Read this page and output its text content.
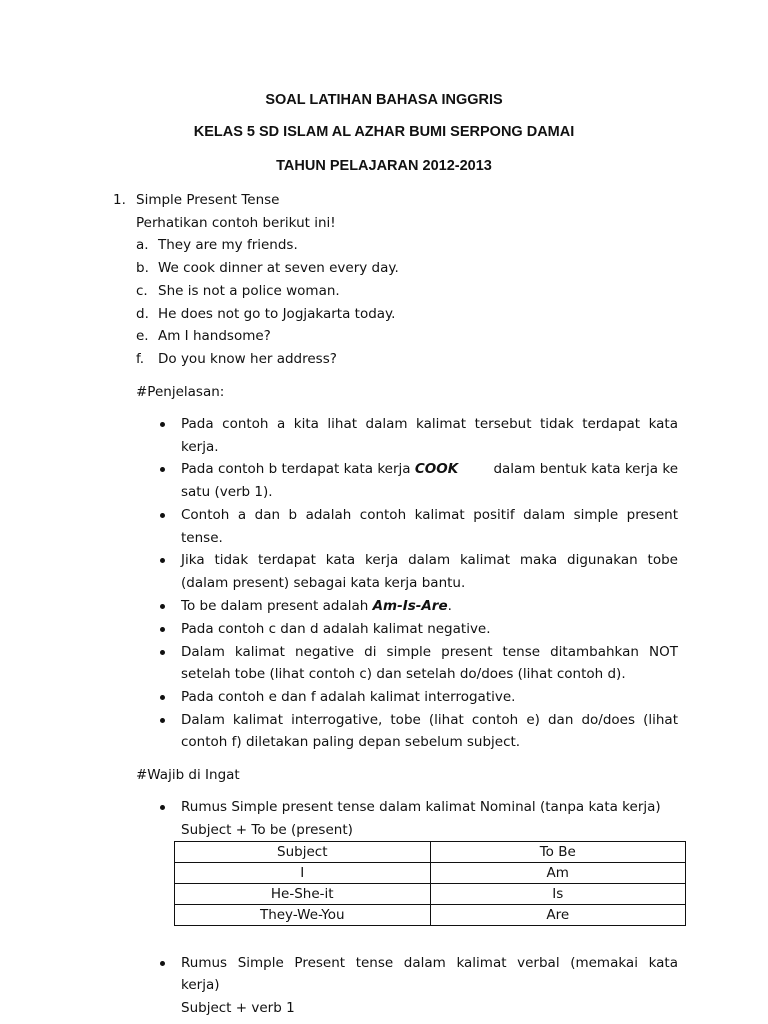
SOAL LATIHAN BAHASA INGGRIS
KELAS 5 SD ISLAM AL AZHAR BUMI SERPONG DAMAI
TAHUN PELAJARAN 2012-2013
1. Simple Present Tense
Perhatikan contoh berikut ini!
a. They are my friends.
b. We cook dinner at seven every day.
c. She is not a police woman.
d. He does not go to Jogjakarta today.
e. Am I handsome?
f. Do you know her address?
#Penjelasan:
Pada contoh a kita lihat dalam kalimat tersebut tidak terdapat kata
kerja.
Pada contoh b terdapat kata kerja COOK	dalam bentuk kata kerja ke
satu (verb 1).
Contoh a dan b adalah contoh kalimat positif dalam simple present
tense.
Jika tidak terdapat kata kerja dalam kalimat maka digunakan tobe
(dalam present) sebagai kata kerja bantu.
To be dalam present adalah Am-Is-Are.
Pada contoh c dan d adalah kalimat negative.
Dalam kalimat negative di simple present tense ditambahkan NOT
setelah tobe (lihat contoh c) dan setelah do/does (lihat contoh d).
Pada contoh e dan f adalah kalimat interrogative.
Dalam kalimat interrogative, tobe (lihat contoh e) dan do/does (lihat
contoh f) diletakan paling depan sebelum subject.
#Wajib di Ingat
Rumus Simple present tense dalam kalimat Nominal (tanpa kata kerja)
Subject + To be (present)
Subject	To Be
I	Am
He-She-it	Is
They-We-You	Are
Rumus Simple Present tense dalam kalimat verbal (memakai kata
kerja)
Subject + verb 1
